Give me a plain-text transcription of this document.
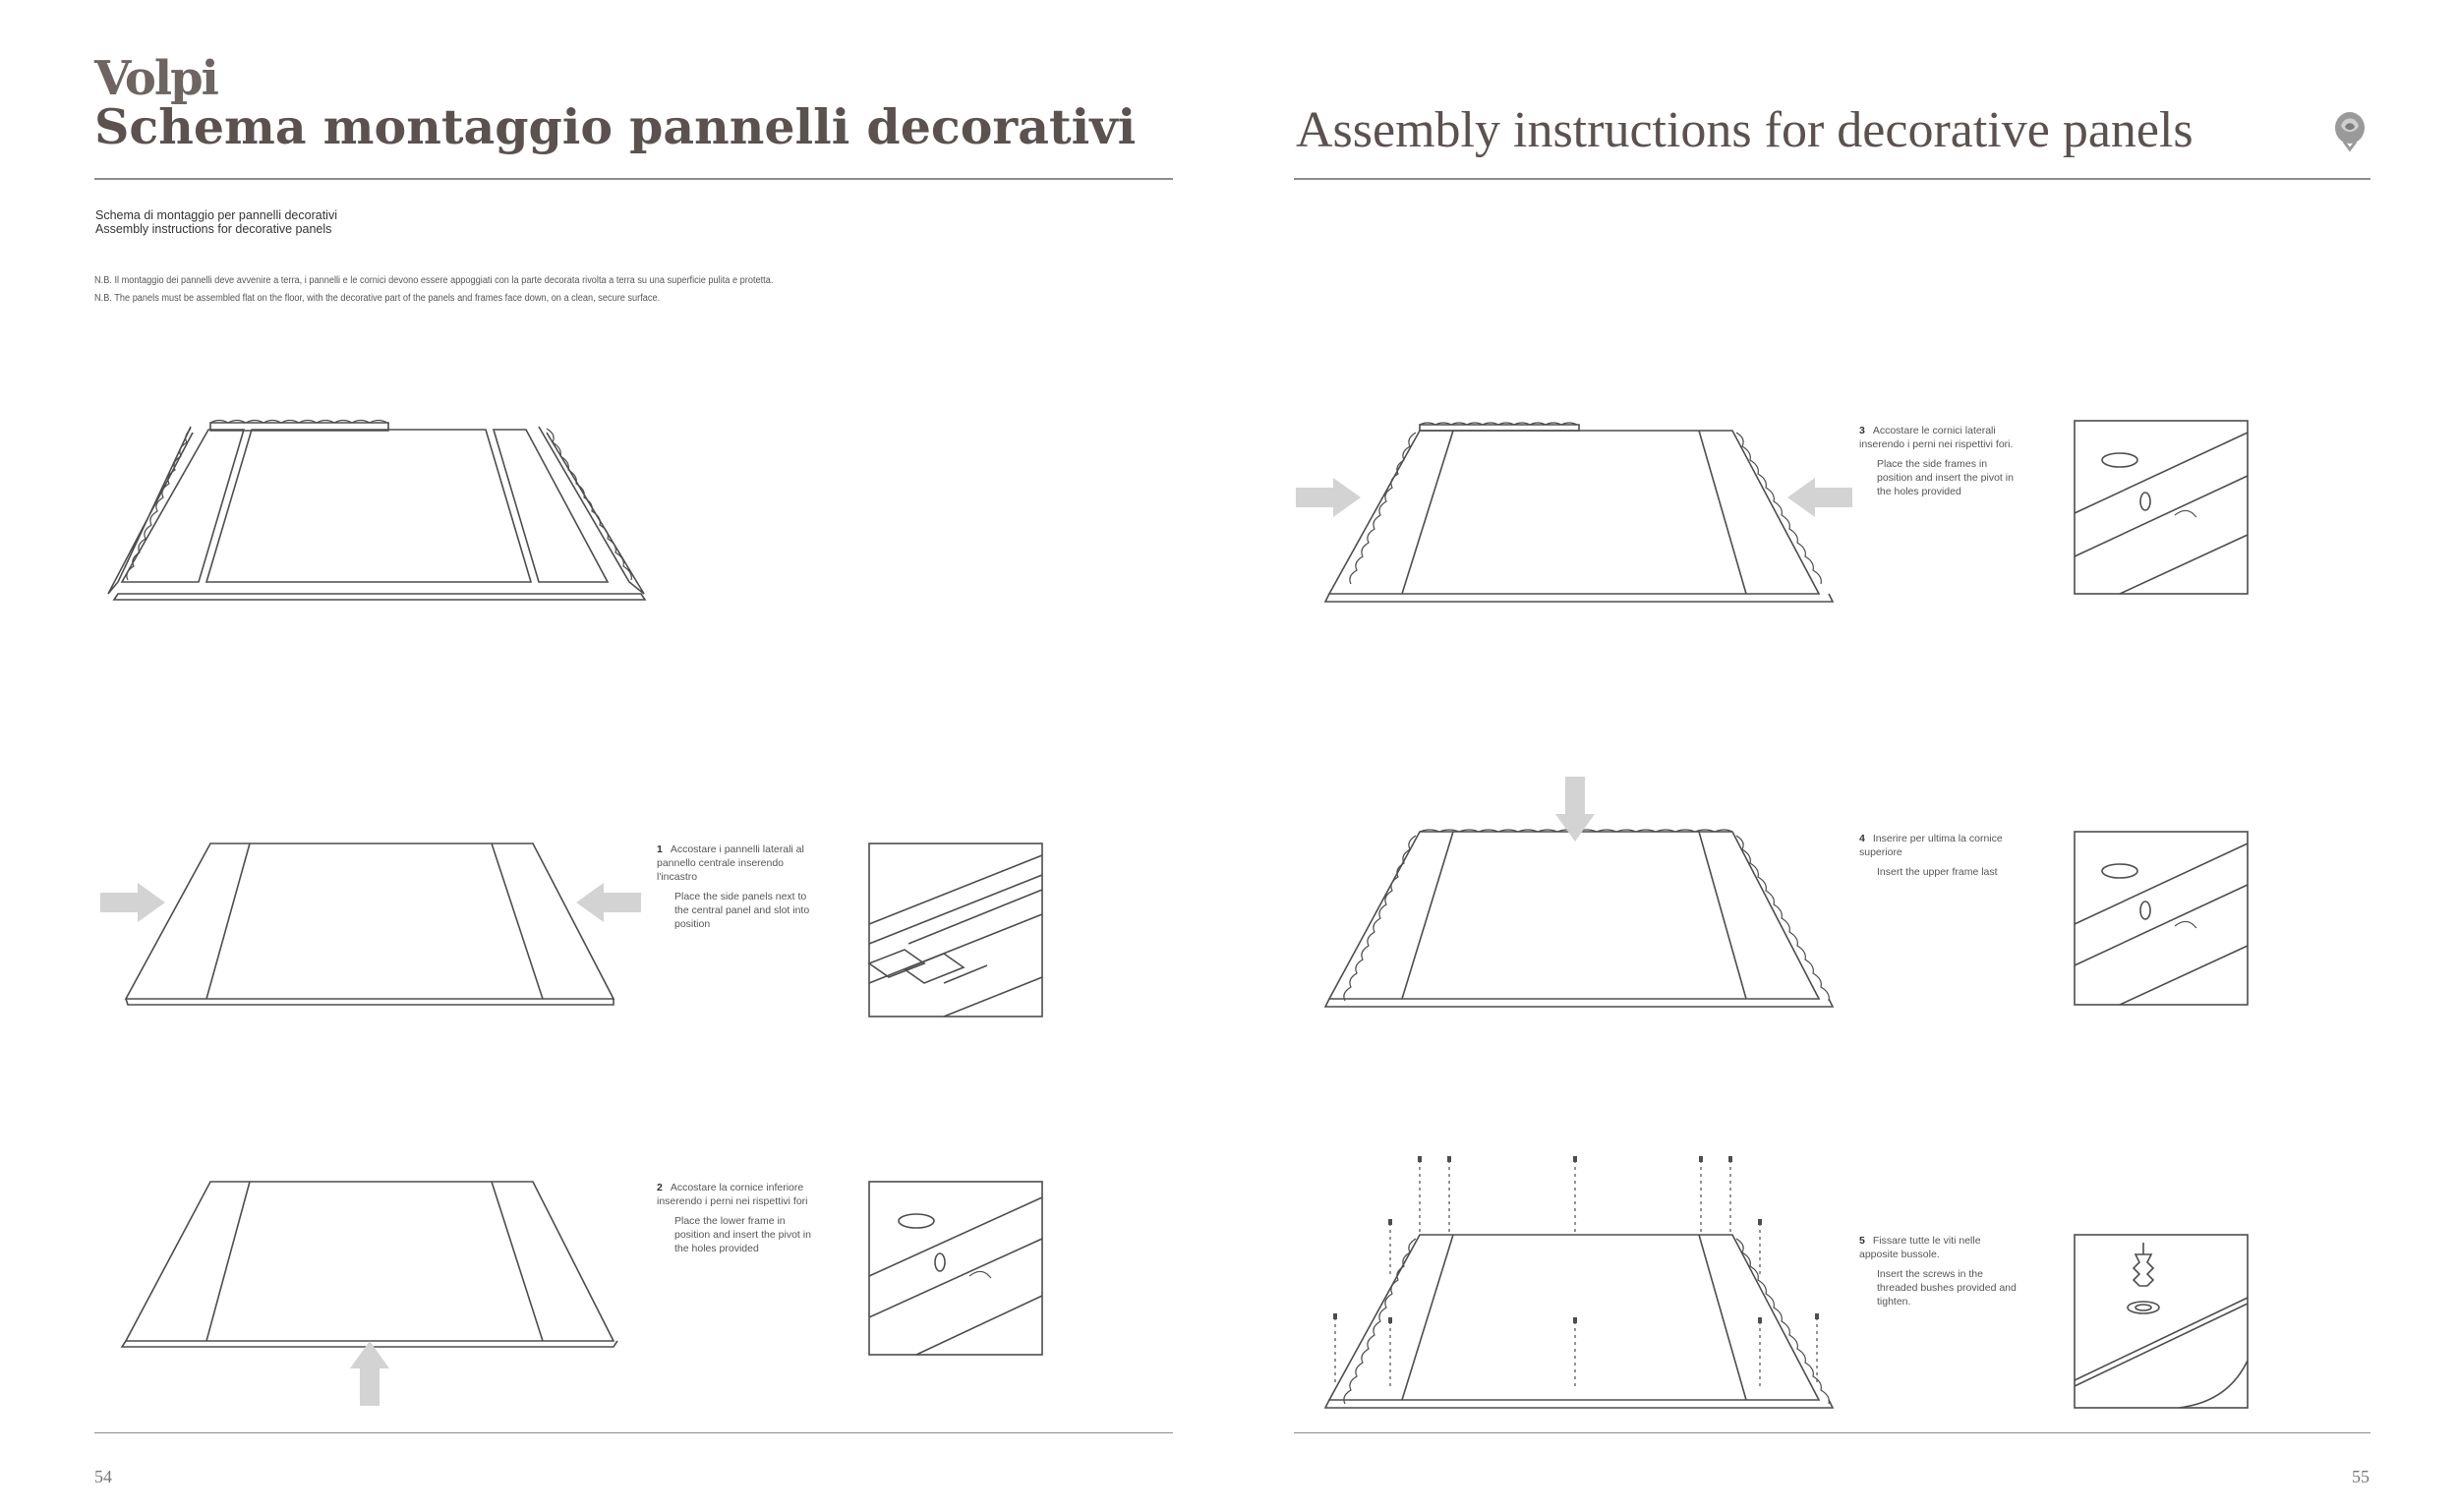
Volpi
Schema montaggio pannelli decorativi	Assembly instructions for decorative panels
Schema di montaggio per pannelli decorativi
Assembly instructions for decorative panels
N.B. Il montaggio dei pannelli deve avvenire a terra, i pannelli e le cornici devono essere appoggiati con la parte decorata rivolta a terra su una superficie pulita e protetta.
N.B. The panels must be assembled flat on the floor, with the decorative part of the panels and frames face down, on a clean, secure surface.

1 Accostare i pannelli laterali al pannello centrale inserendo l'incastro

Place the side panels next to the central panel and slot into position

2 Accostare la cornice inferiore inserendo i perni nei rispettivi fori

Place the lower frame in position and insert the pivot in the holes provided

3 Accostare le cornici laterali inserendo i perni nei rispettivi fori.

Place the side frames in position and insert the pivot in the holes provided

4 Inserire per ultima la cornice superiore

Insert the upper frame last

5 Fissare tutte le viti nelle apposite bussole.

Insert the screws in the threaded bushes provided and tighten.

54	55
